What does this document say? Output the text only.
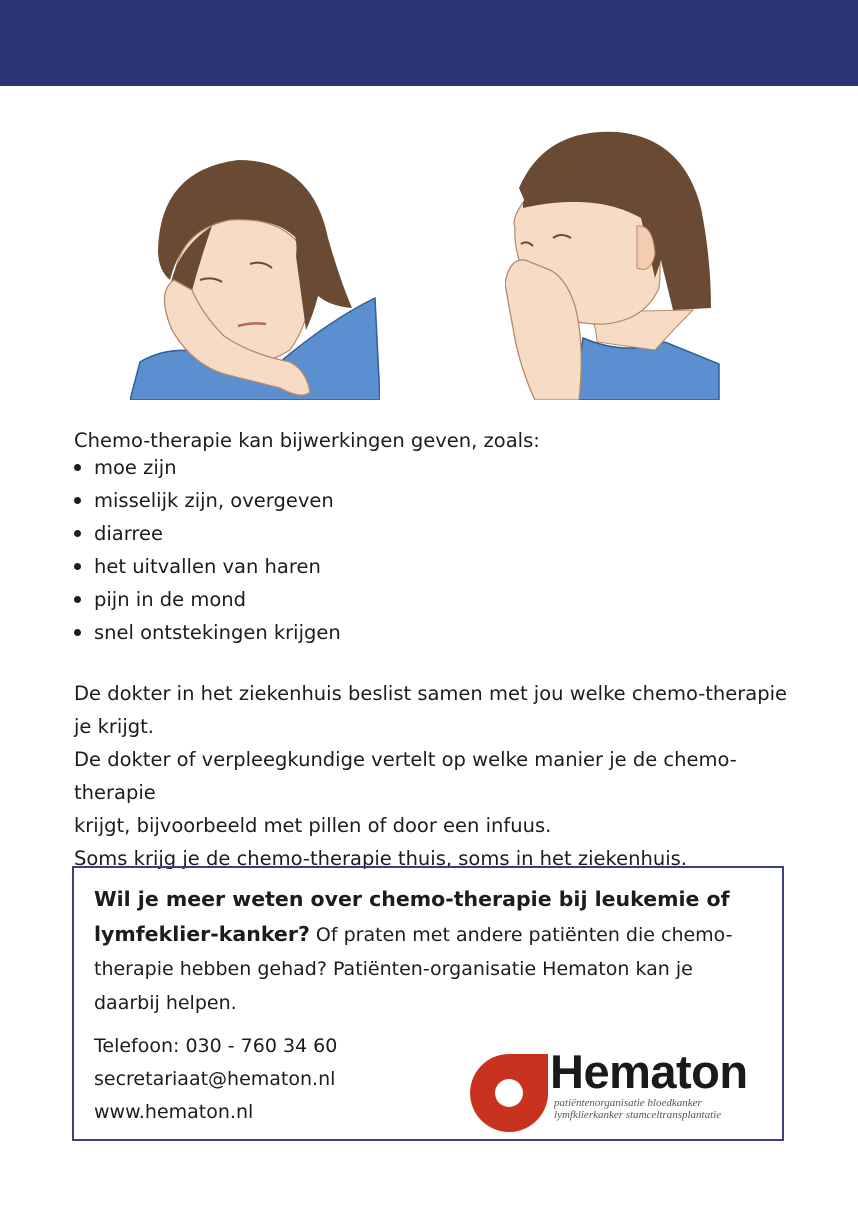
Chemo-therapie kan bijwerkingen geven, zoals:

moe zijn
misselijk zijn, overgeven
diarree
het uitvallen van haren
pijn in de mond
snel ontstekingen krijgen

De dokter in het ziekenhuis beslist samen met jou welke chemo-therapie

je krijgt.

De dokter of verpleegkundige vertelt op welke manier je de chemo-therapie

krijgt, bijvoorbeeld met pillen of door een infuus.

Soms krijg je de chemo-therapie thuis, soms in het ziekenhuis.

Wil je meer weten over chemo-therapie bij leukemie of lymfeklier-kanker? Of praten met andere patiënten die chemo-therapie hebben gehad? Patiënten-organisatie Hematon kan je daarbij helpen.

Telefoon: 030 - 760 34 60
secretariaat@hematon.nl
www.hematon.nl
Hematon
patiëntenorganisatie bloedkanker
lymfklierkanker stamceltransplantatie
